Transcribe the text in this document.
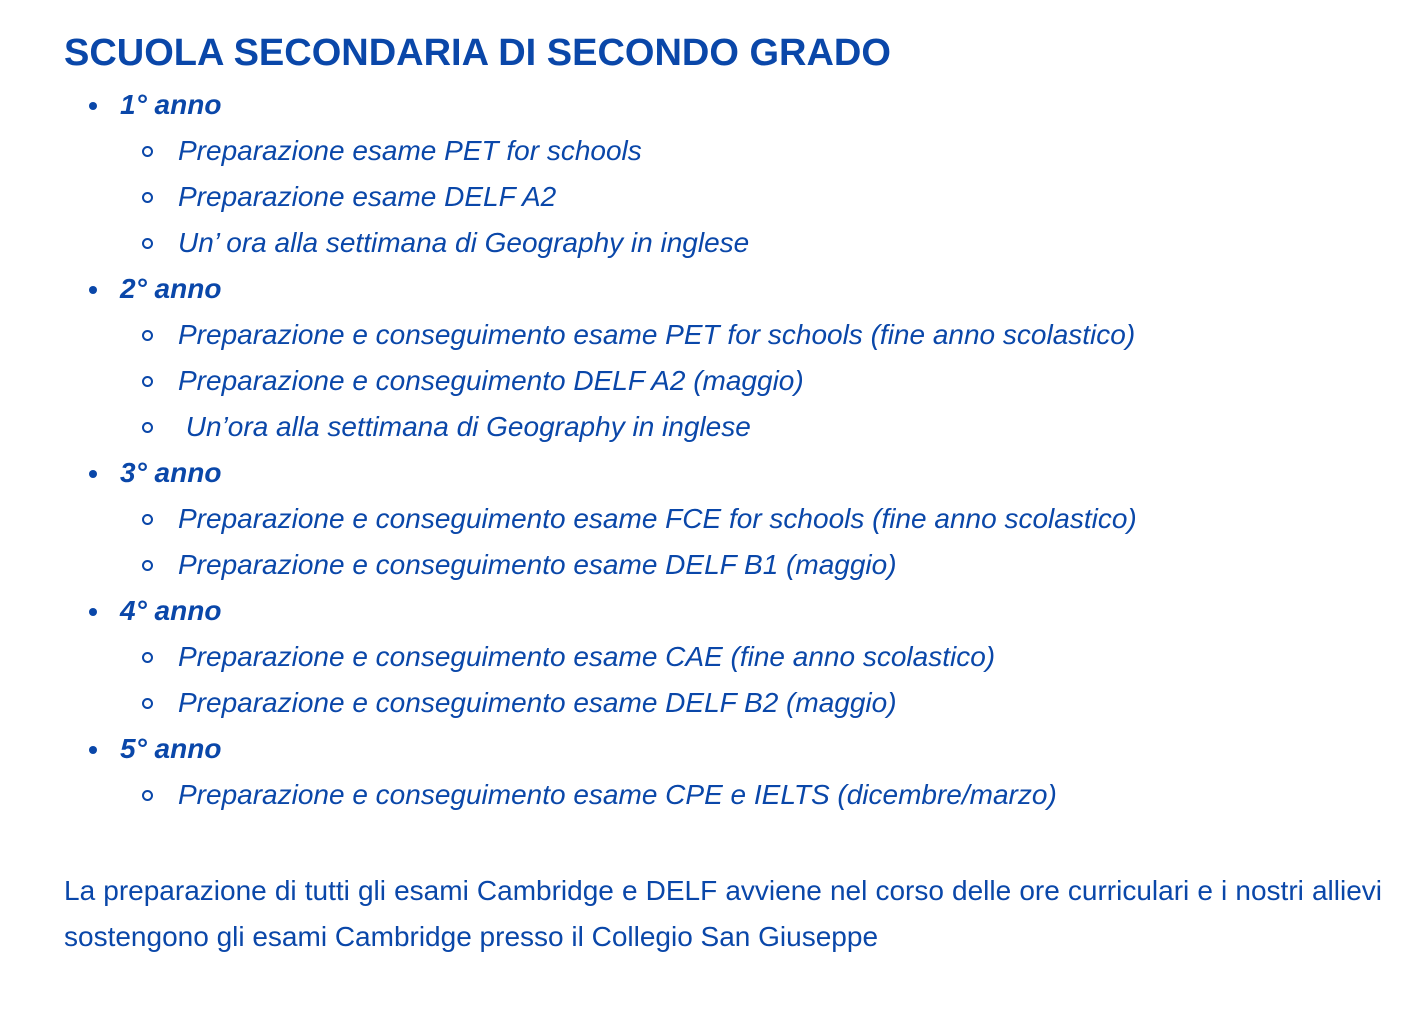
SCUOLA SECONDARIA DI SECONDO GRADO
1° anno
Preparazione esame PET for schools
Preparazione esame DELF A2
Un’ ora alla settimana di Geography in inglese
2° anno
Preparazione e conseguimento esame PET for schools (fine anno scolastico)
Preparazione e conseguimento DELF A2 (maggio)
Un’ora alla settimana di Geography in inglese
3° anno
Preparazione e conseguimento esame FCE for schools (fine anno scolastico)
Preparazione e conseguimento esame DELF B1 (maggio)
4° anno
Preparazione e conseguimento esame CAE (fine anno scolastico)
Preparazione e conseguimento esame DELF B2 (maggio)
5° anno
Preparazione e conseguimento esame CPE e IELTS (dicembre/marzo)

La preparazione di tutti gli esami Cambridge e DELF avviene nel corso delle ore curriculari e i nostri allievi sostengono gli esami Cambridge presso il Collegio San Giuseppe
